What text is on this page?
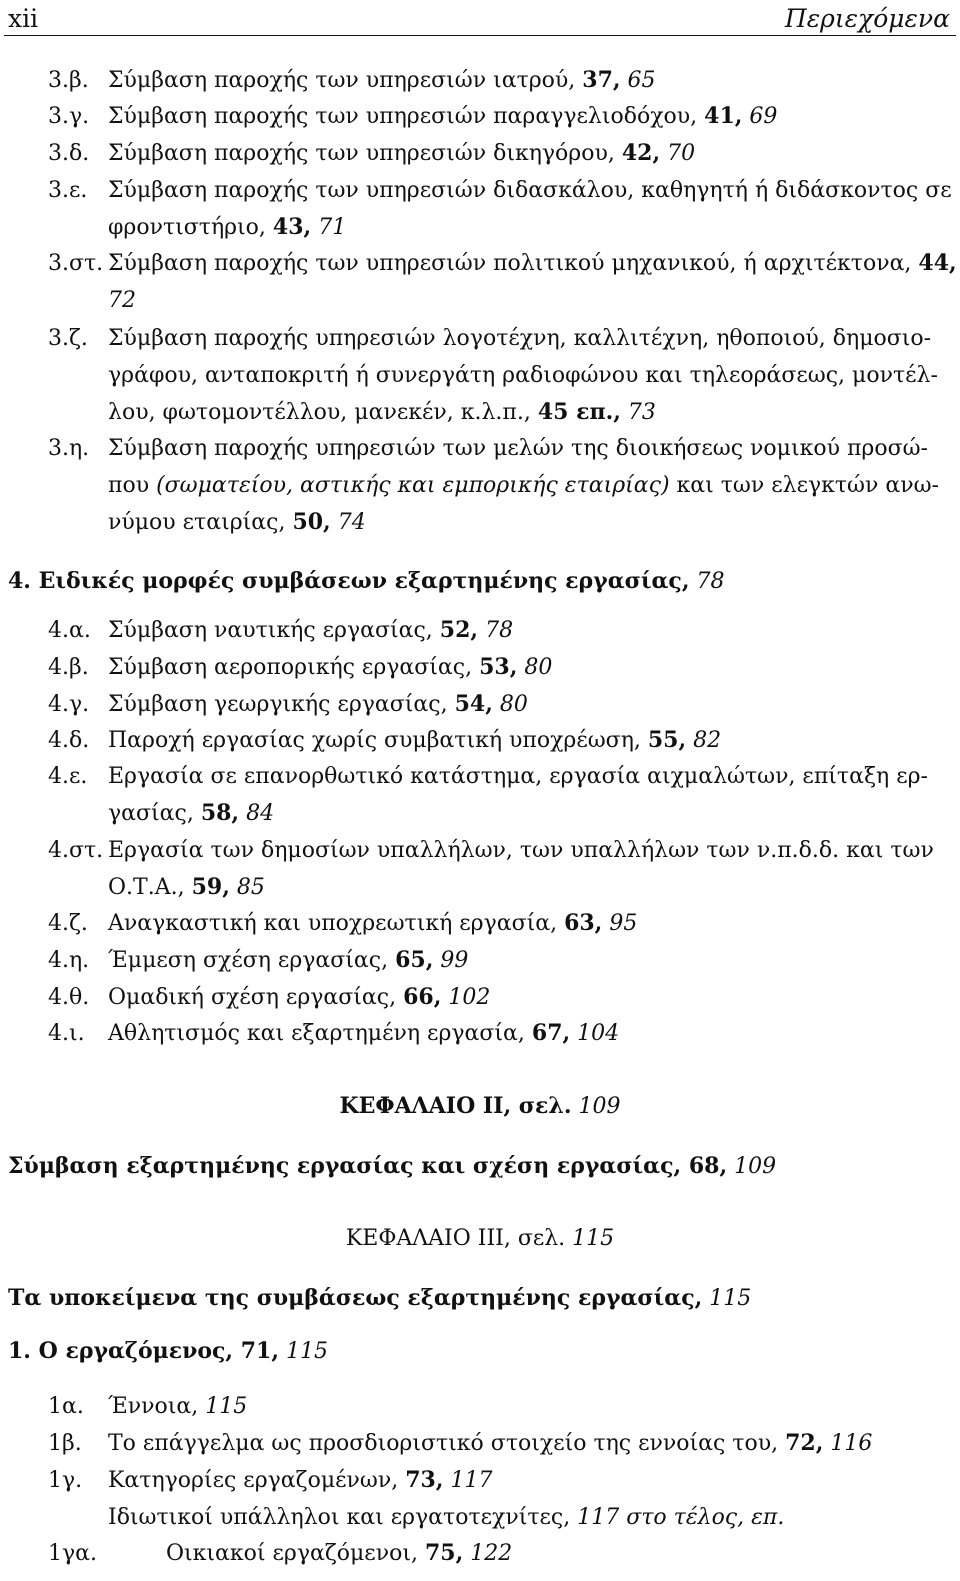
xii	Περιεχόμενα
3.β. Σύμβαση παροχής των υπηρεσιών ιατρού, 37, 65
3.γ. Σύμβαση παροχής των υπηρεσιών παραγγελιοδόχου, 41, 69
3.δ. Σύμβαση παροχής των υπηρεσιών δικηγόρου, 42, 70
3.ε. Σύμβαση παροχής των υπηρεσιών διδασκάλου, καθηγητή ή διδάσκοντος σε
φροντιστήριο, 43, 71
3.στ. Σύμβαση παροχής των υπηρεσιών πολιτικού μηχανικού, ή αρχιτέκτονα, 44,
72
3.ζ. Σύμβαση παροχής υπηρεσιών λογοτέχνη, καλλιτέχνη, ηθοποιού, δημοσιο-
γράφου, ανταποκριτή ή συνεργάτη ραδιοφώνου και τηλεοράσεως, μοντέλ-
λου, φωτομοντέλλου, μανεκέν, κ.λ.π., 45 επ., 73
3.η. Σύμβαση παροχής υπηρεσιών των μελών της διοικήσεως νομικού προσώ-
που (σωματείου, αστικής και εμπορικής εταιρίας) και των ελεγκτών ανω-
νύμου εταιρίας, 50, 74
4. Ειδικές μορφές συμβάσεων εξαρτημένης εργασίας, 78
4.α. Σύμβαση ναυτικής εργασίας, 52, 78
4.β. Σύμβαση αεροπορικής εργασίας, 53, 80
4.γ. Σύμβαση γεωργικής εργασίας, 54, 80
4.δ. Παροχή εργασίας χωρίς συμβατική υποχρέωση, 55, 82
4.ε. Εργασία σε επανορθωτικό κατάστημα, εργασία αιχμαλώτων, επίταξη ερ-
γασίας, 58, 84
4.στ. Εργασία των δημοσίων υπαλλήλων, των υπαλλήλων των ν.π.δ.δ. και των
Ο.Τ.Α., 59, 85
4.ζ. Αναγκαστική και υποχρεωτική εργασία, 63, 95
4.η. Έμμεση σχέση εργασίας, 65, 99
4.θ. Ομαδική σχέση εργασίας, 66, 102
4.ι. Αθλητισμός και εξαρτημένη εργασία, 67, 104
ΚΕΦΑΛΑΙΟ ΙΙ, σελ. 109
Σύμβαση εξαρτημένης εργασίας και σχέση εργασίας, 68, 109
ΚΕΦΑΛΑΙΟ ΙΙΙ, σελ. 115
Τα υποκείμενα της συμβάσεως εξαρτημένης εργασίας, 115
1. Ο εργαζόμενος, 71, 115
1α. Έννοια, 115
1β. Το επάγγελμα ως προσδιοριστικό στοιχείο της εννοίας του, 72, 116
1γ. Κατηγορίες εργαζομένων, 73, 117
Ιδιωτικοί υπάλληλοι και εργατοτεχνίτες, 117 στο τέλος, επ.
1γα.	Οικιακοί εργαζόμενοι, 75, 122
